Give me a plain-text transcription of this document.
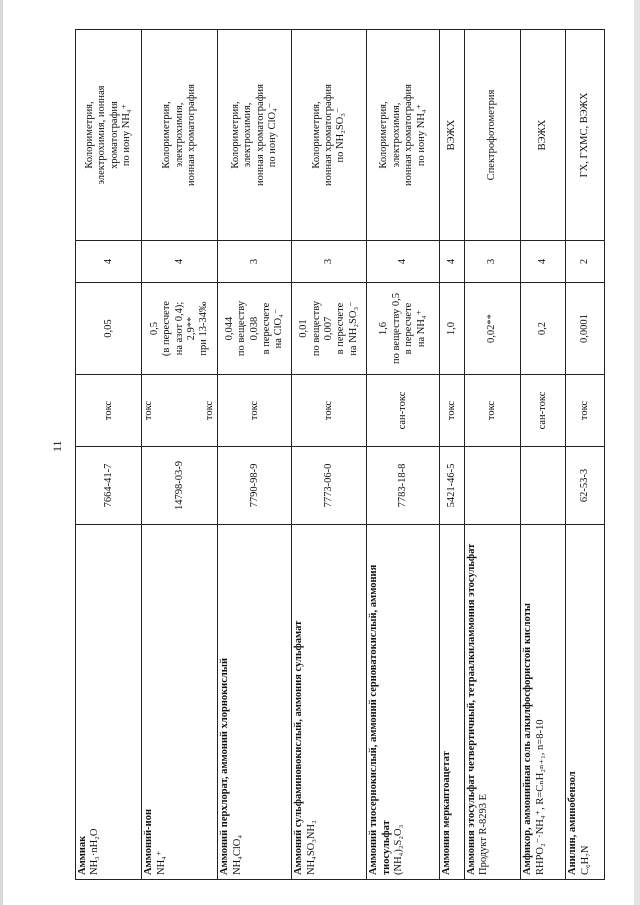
11
Аммиак NH₃·nH₂O	7664-41-7	токс	0,05	4	Колориметрия, электрохимия, ионная хроматография по иону NH₄⁺

Аммоний-ион NH₄⁺	14798-03-9	токс токс	0,5 (в пересчете на азот 0,4); 2,9** при 13-34‰	4	Колориметрия, электрохимия, ионная хроматография

Аммоний перхлорат, аммоний хлорнокислый NH₄ClO₄	7790-98-9	токс	0,044 по веществу 0,038 в пересчете на ClO₄⁻	3	Колориметрия, электрохимия, ионная хроматография по иону ClO₄⁻

Аммоний сульфаминовокислый, аммония сульфамат NH₄SO₃NH₂	7773-06-0	токс	0,01 по веществу 0,007 в пересчете на NH₂SO₃⁻	3	Колориметрия, ионная хроматография по NH₂SO₃⁻

Аммоний тиосернокислый, аммоний серноватокислый, аммония тиосульфат (NH₄)₂S₂O₃	7783-18-8	сан-токс	1,6 по веществу 0,5 в пересчете на NH₄⁺	4	Колориметрия, электрохимия, ионная хроматография по иону NH₄⁺

Аммония меркаптоацетат	5421-46-5	токс	1,0	4	ВЭЖХ

Аммония этосульфат четвертичный, тетраалкиламмония этосульфат Продукт R-8293 E		токс	0,02**	3	Спектрофотометрия

Амфикор, аммонийная соль алкилфосфористой кислоты RHPO₂⁻·NH₄⁺, R=CₙH₂ₙ₊₁, n=8-10		сан-токс	0,2	4	ВЭЖХ

Анилин, аминобензол C₆H₇N	62-53-3	токс	0,0001	2	ГХ, ГХМС, ВЭЖХ
